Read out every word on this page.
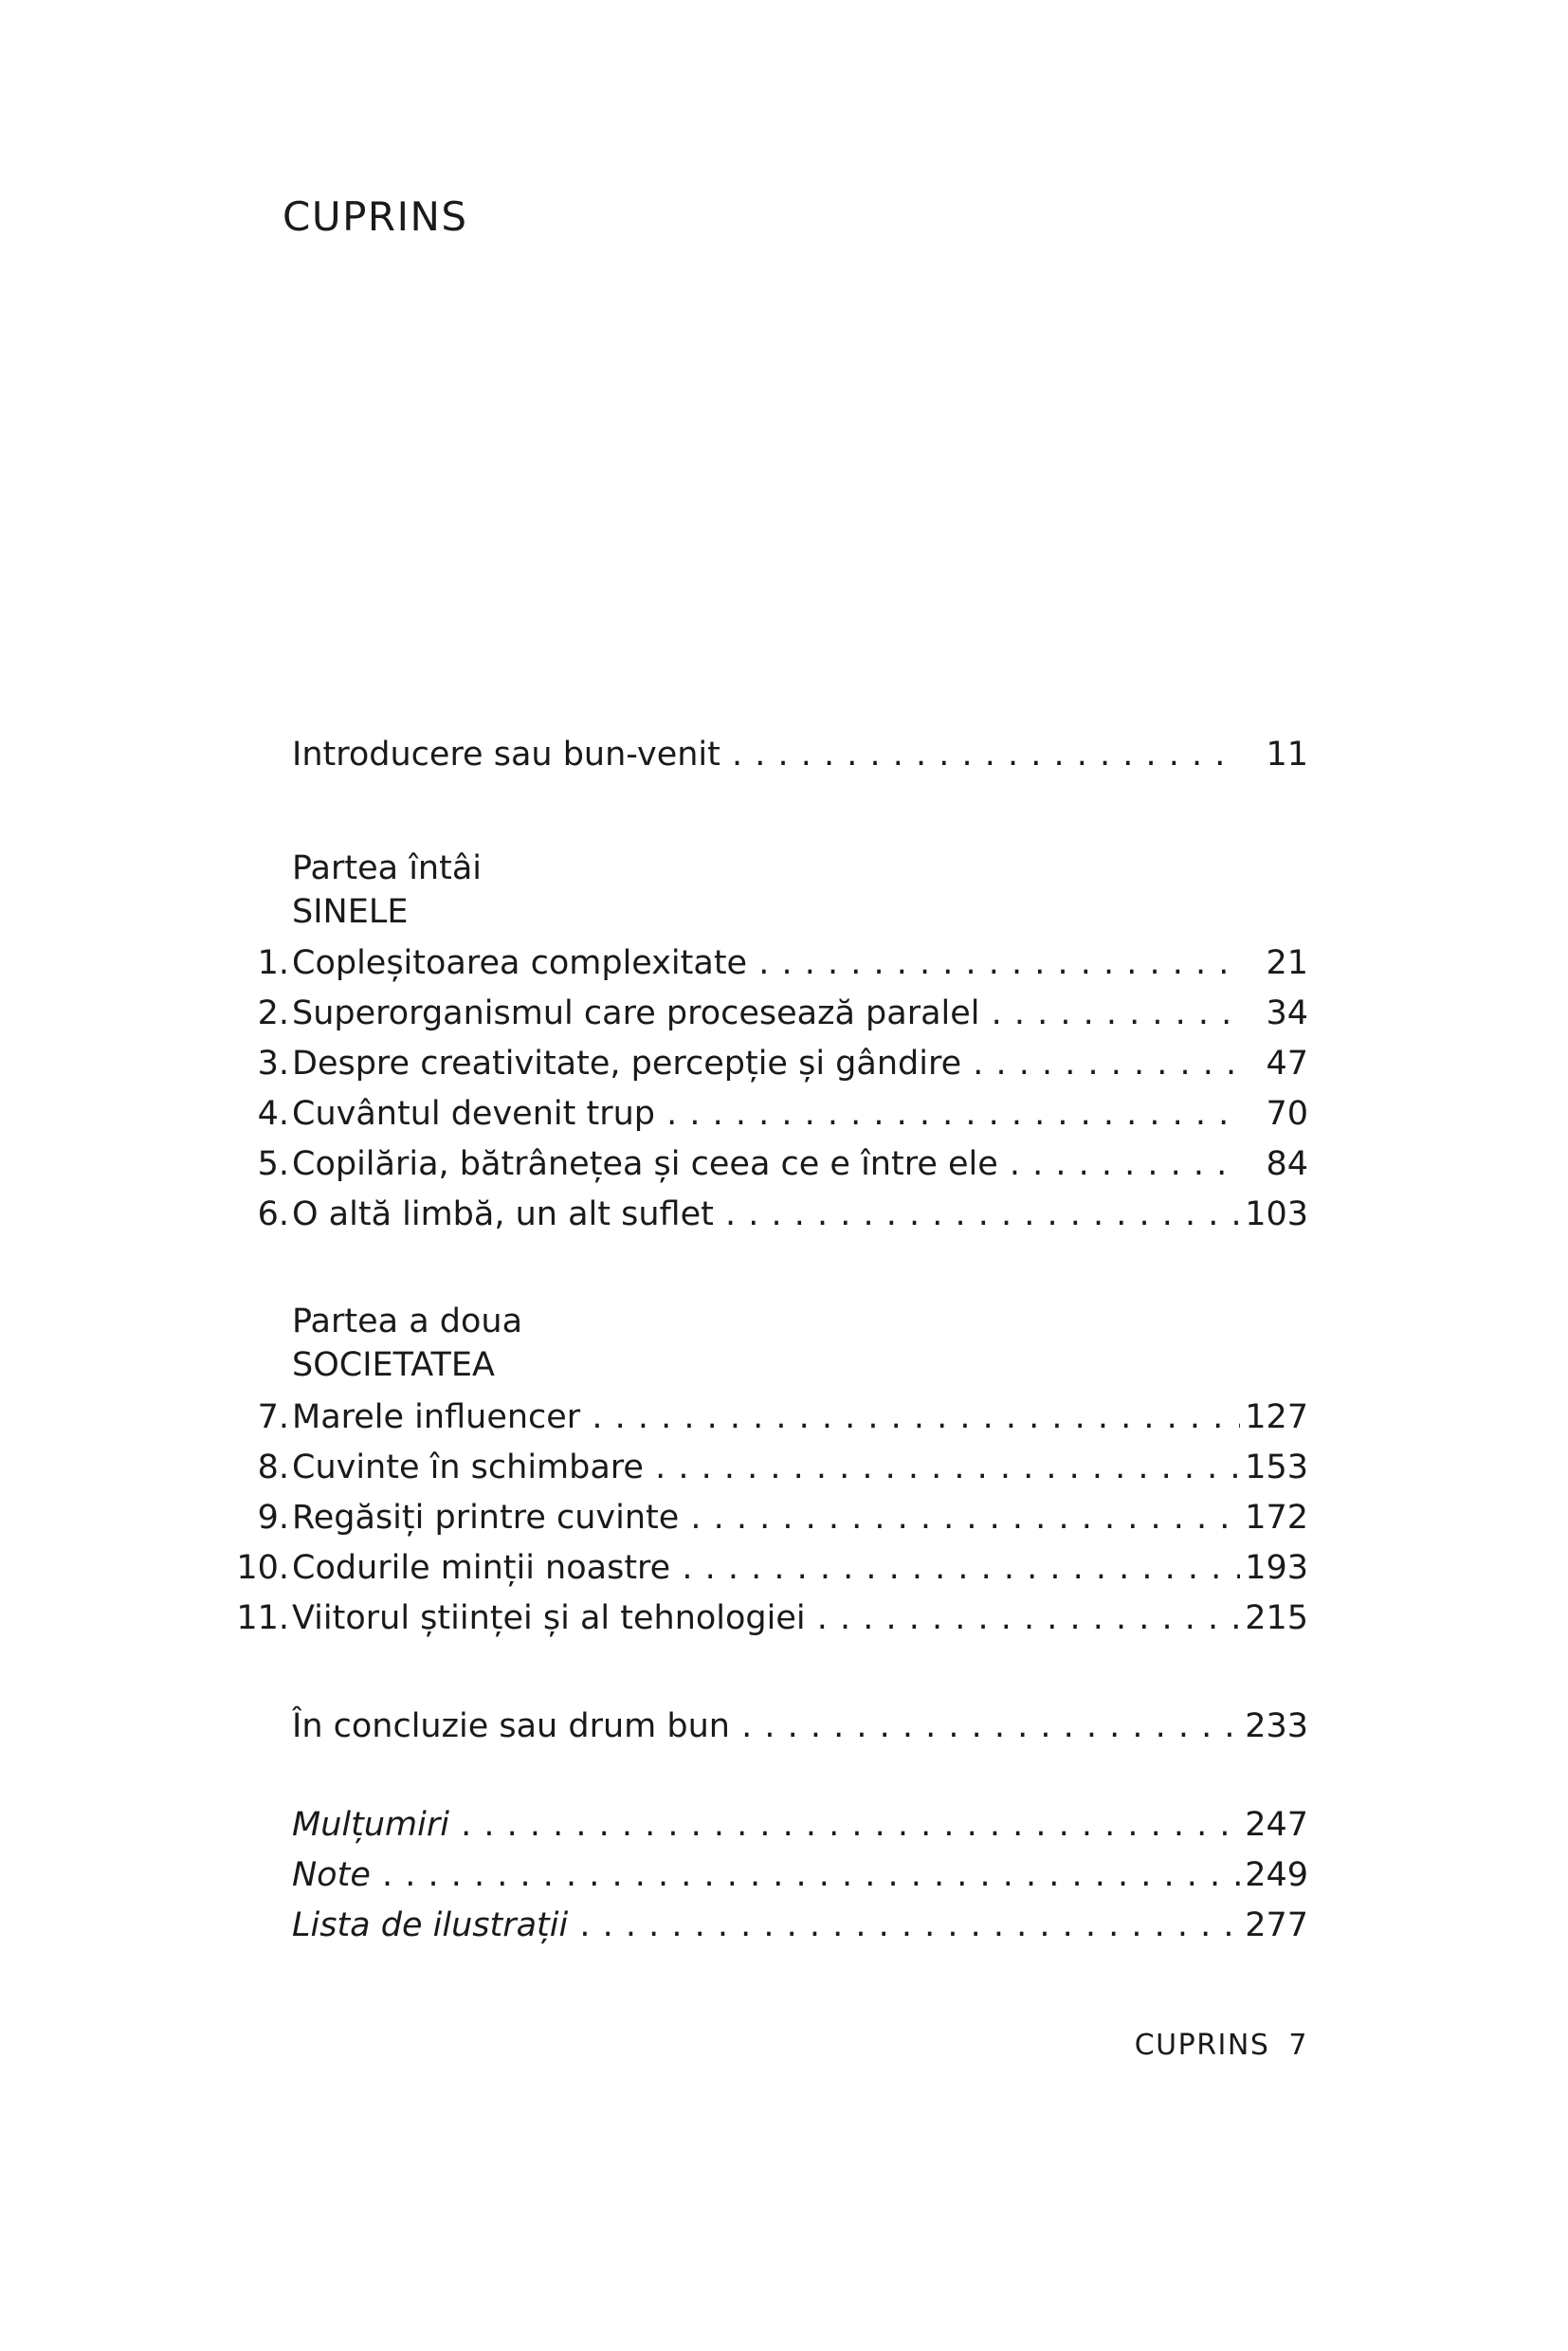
CUPRINS
Introducere sau bun-venit . . .	11
Partea întâi
SINELE
1. Copleșitoarea complexitate . . .	21
2. Superorganismul care procesează paralel . . .	34
3. Despre creativitate, percepție și gândire . . .	47
4. Cuvântul devenit trup . . .	70
5. Copilăria, bătrânețea și ceea ce e între ele . . .	84
6. O altă limbă, un alt suflet . . .	103
Partea a doua
SOCIETATEA
7. Marele influencer . . .	127
8. Cuvinte în schimbare . . .	153
9. Regăsiți printre cuvinte . . .	172
10. Codurile minții noastre . . .	193
11. Viitorul științei și al tehnologiei . . .	215
În concluzie sau drum bun . . .	233
Mulțumiri . . .	247
Note . . .	249
Lista de ilustrații . . .	277
CUPRINS 7
